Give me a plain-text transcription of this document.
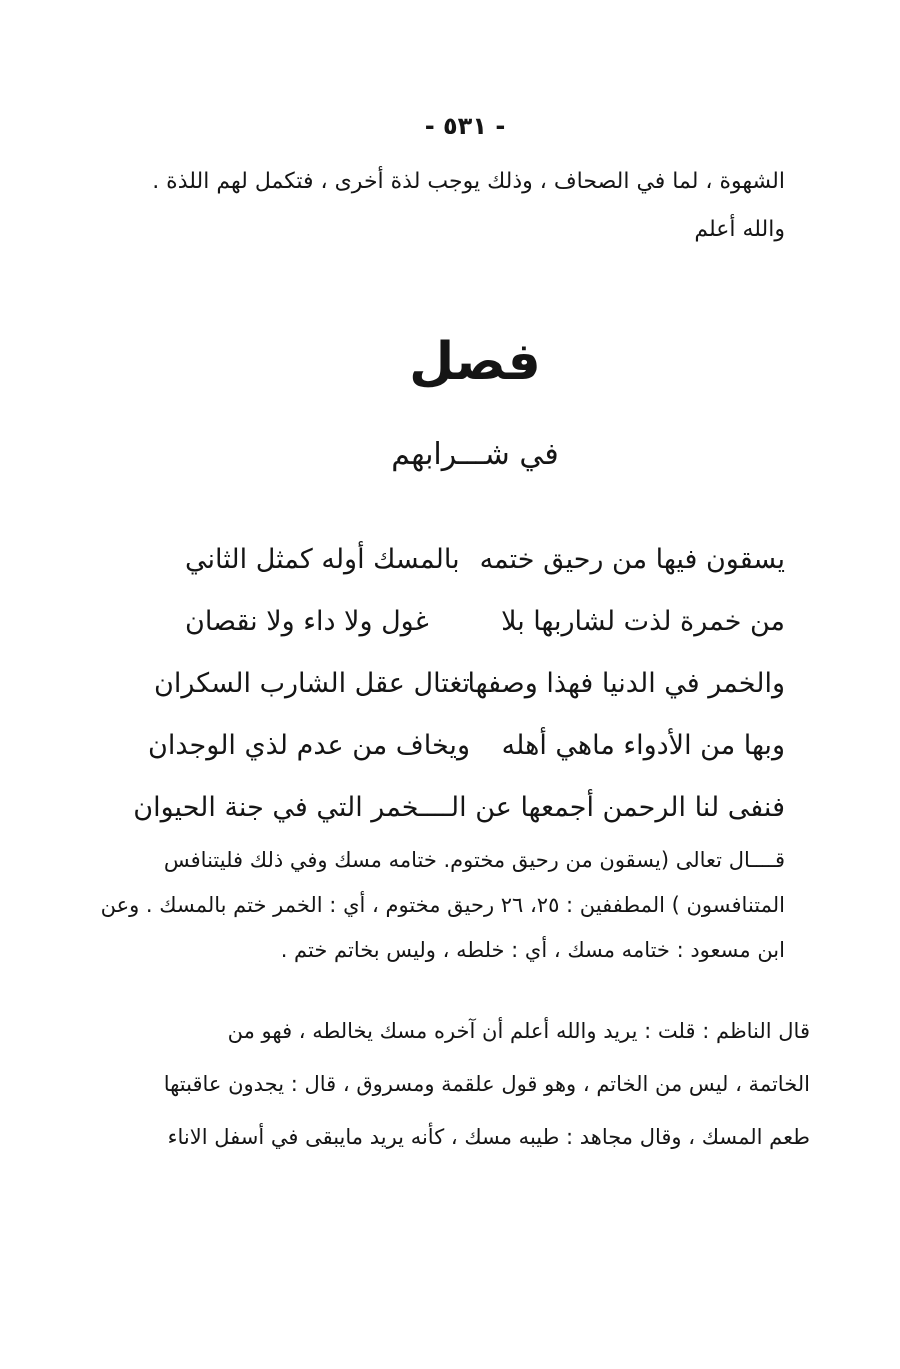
- ٥٣١ -
الشهوة ، لما في الصحاف ، وذلك يوجب لذة أخرى ، فتكمل لهم اللذة .
والله أعلم
فصل
في شـــرابهم
يسقون فيها من رحيق ختمه
بالمسك أوله كمثل الثاني
من خمرة لذت لشاربها بلا
غول ولا داء ولا نقصان
والخمر في الدنيا فهذا وصفها
تغتال عقل الشارب السكران
وبها من الأدواء ماهي أهله
ويخاف من عدم لذي الوجدان
فنفى لنا الرحمن أجمعها عن الـــ
ـخمر التي في جنة الحيوان
قــــال تعالى (يسقون من رحيق مختوم. ختامه مسك وفي ذلك فليتنافس
المتنافسون ) المطففين : ٢٥، ٢٦ رحيق مختوم ، أي : الخمر ختم بالمسك . وعن
ابن مسعود : ختامه مسك ، أي : خلطه ، وليس بخاتم ختم .
قال الناظم : قلت : يريد والله أعلم أن آخره مسك يخالطه ، فهو من
الخاتمة ، ليس من الخاتم ، وهو قول علقمة ومسروق ، قال : يجدون عاقبتها
طعم المسك ، وقال مجاهد : طيبه مسك ، كأنه يريد مايبقى في أسفل الاناء
